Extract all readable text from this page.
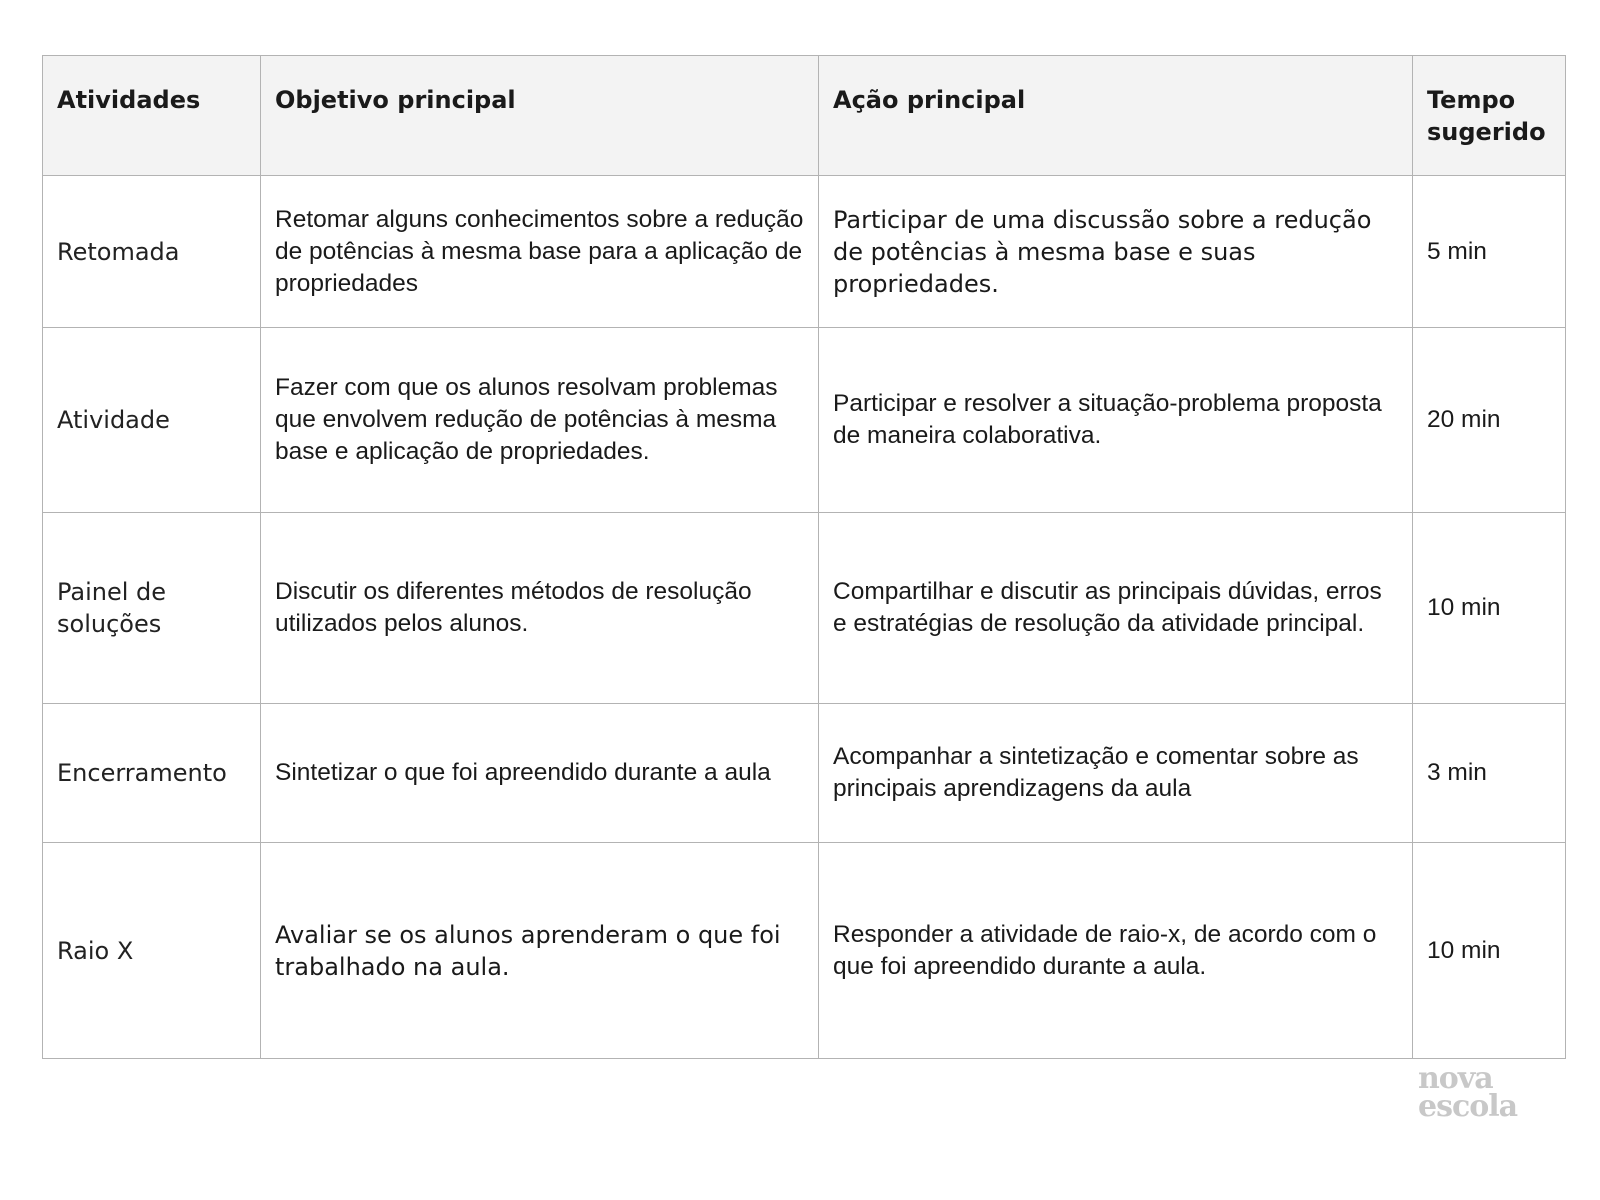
Atividades	Objetivo principal	Ação principal	Tempo sugerido
Retomada	Retomar alguns conhecimentos sobre a redução de potências à mesma base para a aplicação de propriedades	Participar de uma discussão sobre a redução de potências à mesma base e suas propriedades.	5 min
Atividade	Fazer com que os alunos resolvam problemas que envolvem redução de potências à mesma base e aplicação de propriedades.	Participar e resolver a situação-problema proposta de maneira colaborativa.	20 min
Painel de soluções	Discutir os diferentes métodos de resolução utilizados pelos alunos.	Compartilhar e discutir as principais dúvidas, erros e estratégias de resolução da atividade principal.	10 min
Encerramento	Sintetizar o que foi apreendido durante a aula	Acompanhar a sintetização e comentar sobre as principais aprendizagens da aula	3 min
Raio X	Avaliar se os alunos aprenderam o que foi trabalhado na aula.	Responder a atividade de raio-x, de acordo com o que foi apreendido durante a aula.	10 min
nova
escola
